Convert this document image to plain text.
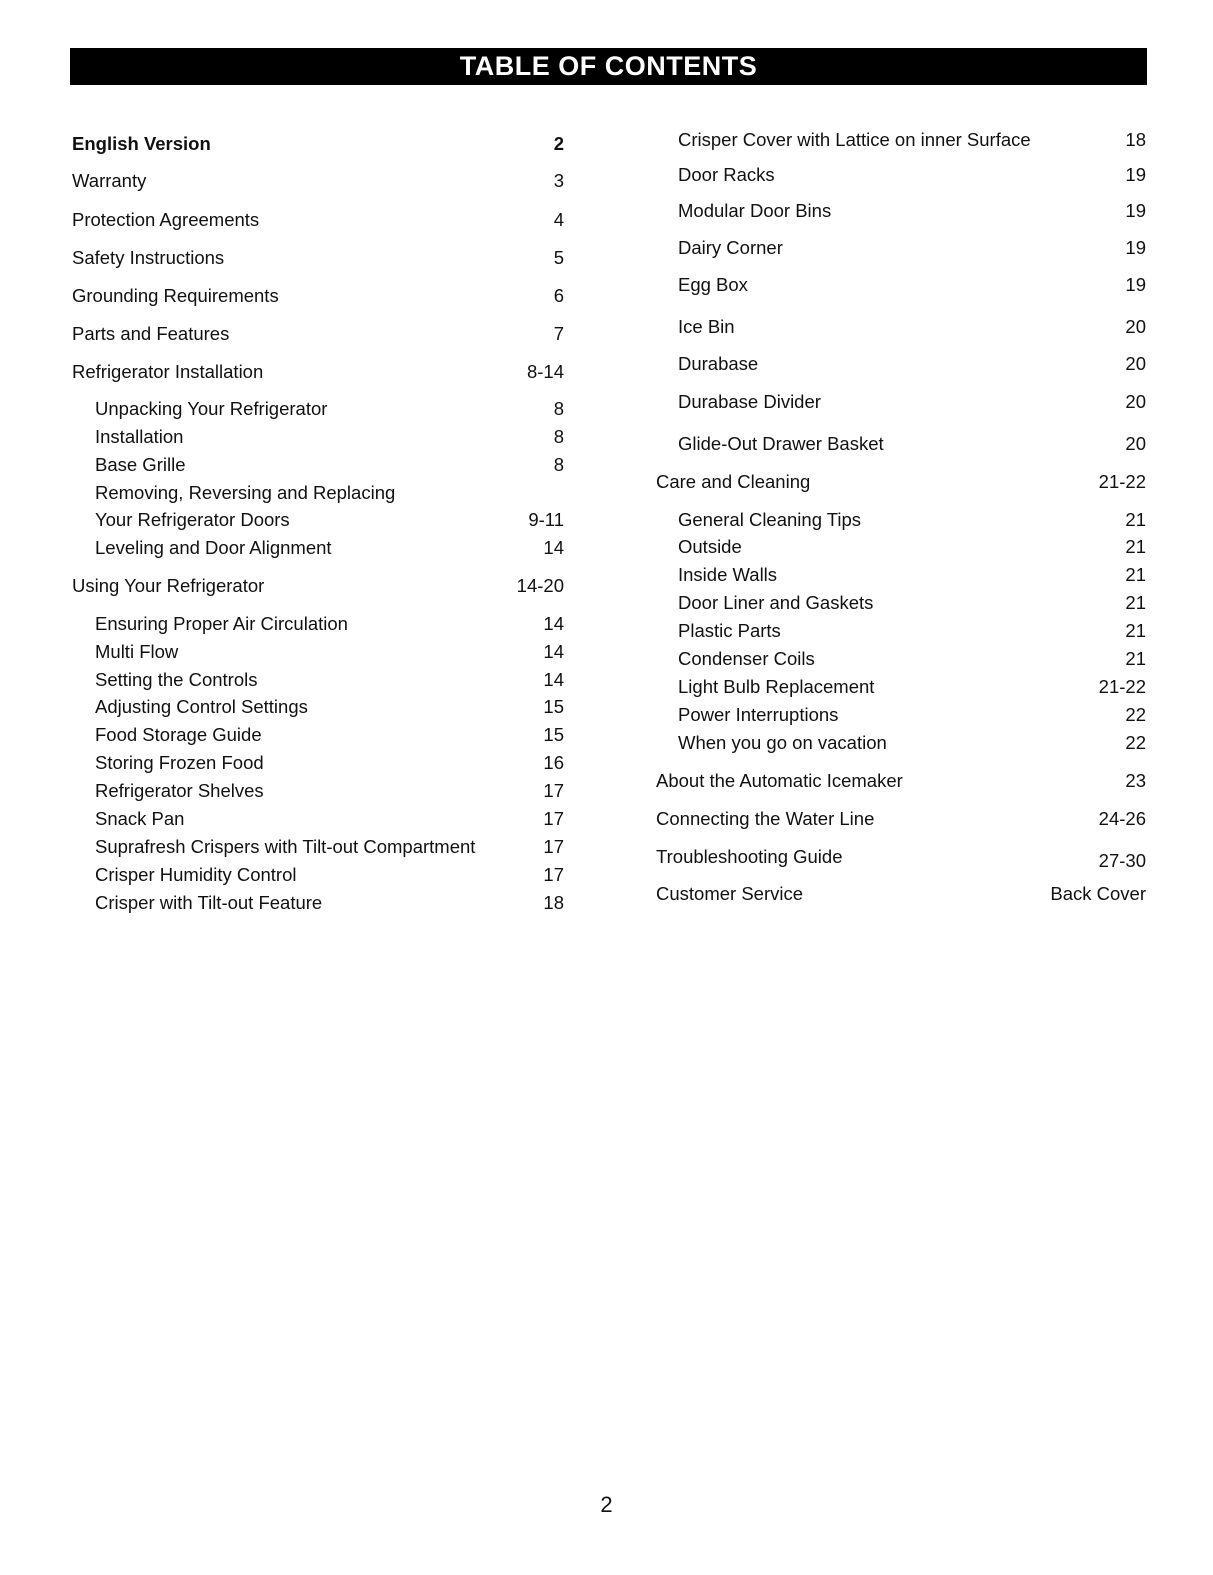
TABLE OF CONTENTS
English Version	2
Warranty	3
Protection Agreements	4
Safety Instructions	5
Grounding Requirements	6
Parts and Features	7
Refrigerator Installation	8-14
Unpacking Your Refrigerator	8
Installation	8
Base Grille	8
Removing, Reversing and Replacing
Your Refrigerator Doors	9-11
Leveling and Door Alignment	14
Using Your Refrigerator	14-20
Ensuring Proper Air Circulation	14
Multi Flow	14
Setting the Controls	14
Adjusting Control Settings	15
Food Storage Guide	15
Storing Frozen Food	16
Refrigerator Shelves	17
Snack Pan	17
Suprafresh Crispers with Tilt-out Compartment	17
Crisper Humidity Control	17
Crisper with Tilt-out Feature	18
Crisper Cover with Lattice on inner Surface	18
Door Racks	19
Modular Door Bins	19
Dairy Corner	19
Egg Box	19
Ice Bin	20
Durabase	20
Durabase Divider	20
Glide-Out Drawer Basket	20
Care and Cleaning	21-22
General Cleaning Tips	21
Outside	21
Inside Walls	21
Door Liner and Gaskets	21
Plastic Parts	21
Condenser Coils	21
Light Bulb Replacement	21-22
Power Interruptions	22
When you go on vacation	22
About the Automatic Icemaker	23
Connecting the Water Line	24-26
Troubleshooting Guide	27-30
Customer Service	Back Cover
2
